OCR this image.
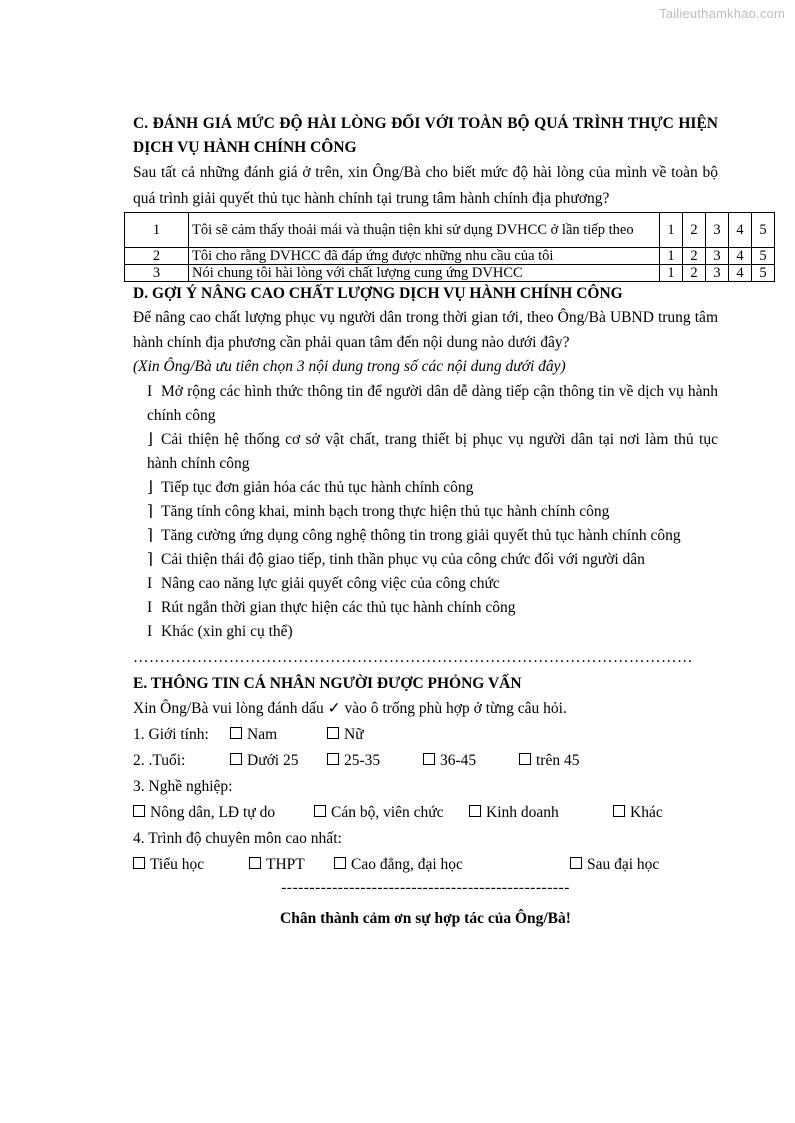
Tailieuthamkhao.com
C. ĐÁNH GIÁ MỨC ĐỘ HÀI LÒNG ĐỐI VỚI TOÀN BỘ QUÁ TRÌNH THỰC HIỆN DỊCH VỤ HÀNH CHÍNH CÔNG
Sau tất cả những đánh giá ở trên, xin Ông/Bà cho biết mức độ hài lòng của mình về toàn bộ quá trình giải quyết thủ tục hành chính tại trung tâm hành chính địa phương?
1	Tôi sẽ cảm thấy thoải mái và thuận tiện khi sử dụng DVHCC ở lần tiếp theo	1	2	3	4	5
2	Tôi cho rằng DVHCC đã đáp ứng được những nhu cầu của tôi	1	2	3	4	5
3	Nói chung tôi hài lòng với chất lượng cung ứng DVHCC	1	2	3	4	5
D. GỢI Ý NÂNG CAO CHẤT LƯỢNG DỊCH VỤ HÀNH CHÍNH CÔNG
Để nâng cao chất lượng phục vụ người dân trong thời gian tới, theo Ông/Bà UBND trung tâm hành chính địa phương cần phải quan tâm đến nội dung nào dưới đây?
(Xin Ông/Bà ưu tiên chọn 3 nội dung trong số các nội dung dưới đây)
I Mở rộng các hình thức thông tin để người dân dễ dàng tiếp cận thông tin về dịch vụ hành chính công
⌋ Cải thiện hệ thống cơ sở vật chất, trang thiết bị phục vụ người dân tại nơi làm thủ tục hành chính công
⌋ Tiếp tục đơn giản hóa các thủ tục hành chính công
⌉ Tăng tính công khai, minh bạch trong thực hiện thủ tục hành chính công
⌉ Tăng cường ứng dụng công nghệ thông tin trong giải quyết thủ tục hành chính công
⌉ Cải thiện thái độ giao tiếp, tinh thần phục vụ của công chức đối với người dân
I Nâng cao năng lực giải quyết công việc của công chức
I Rút ngắn thời gian thực hiện các thủ tục hành chính công
I Khác (xin ghi cụ thể)
……………………………………………………………………………………………
E. THÔNG TIN CÁ NHÂN NGƯỜI ĐƯỢC PHỎNG VẤN
Xin Ông/Bà vui lòng đánh dấu ✓ vào ô trống phù hợp ở từng câu hỏi.
1. Giới tính: Nam	Nữ
2. .Tuổi:	Dưới 25	25-35	36-45	trên 45
3. Nghề nghiệp:
Nông dân, LĐ tự do	Cán bộ, viên chức	Kinh doanh	Khác
4. Trình độ chuyên môn cao nhất:
Tiểu học	THPT	Cao đẳng, đại học	Sau đại học
---------------------------------------------------
Chân thành cảm ơn sự hợp tác của Ông/Bà!
